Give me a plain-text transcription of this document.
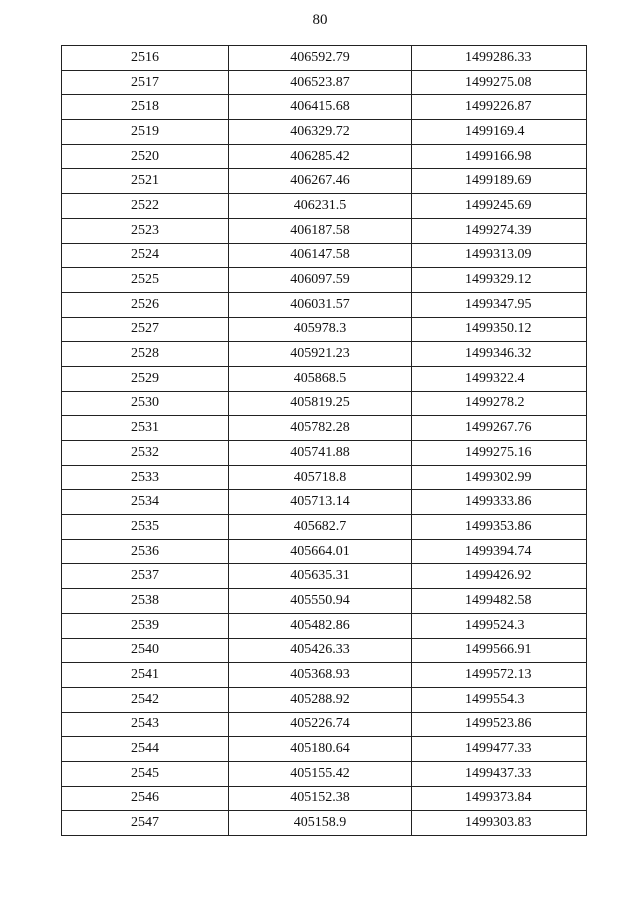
80
2516	406592.79	1499286.33
2517	406523.87	1499275.08
2518	406415.68	1499226.87
2519	406329.72	1499169.4
2520	406285.42	1499166.98
2521	406267.46	1499189.69
2522	406231.5	1499245.69
2523	406187.58	1499274.39
2524	406147.58	1499313.09
2525	406097.59	1499329.12
2526	406031.57	1499347.95
2527	405978.3	1499350.12
2528	405921.23	1499346.32
2529	405868.5	1499322.4
2530	405819.25	1499278.2
2531	405782.28	1499267.76
2532	405741.88	1499275.16
2533	405718.8	1499302.99
2534	405713.14	1499333.86
2535	405682.7	1499353.86
2536	405664.01	1499394.74
2537	405635.31	1499426.92
2538	405550.94	1499482.58
2539	405482.86	1499524.3
2540	405426.33	1499566.91
2541	405368.93	1499572.13
2542	405288.92	1499554.3
2543	405226.74	1499523.86
2544	405180.64	1499477.33
2545	405155.42	1499437.33
2546	405152.38	1499373.84
2547	405158.9	1499303.83
